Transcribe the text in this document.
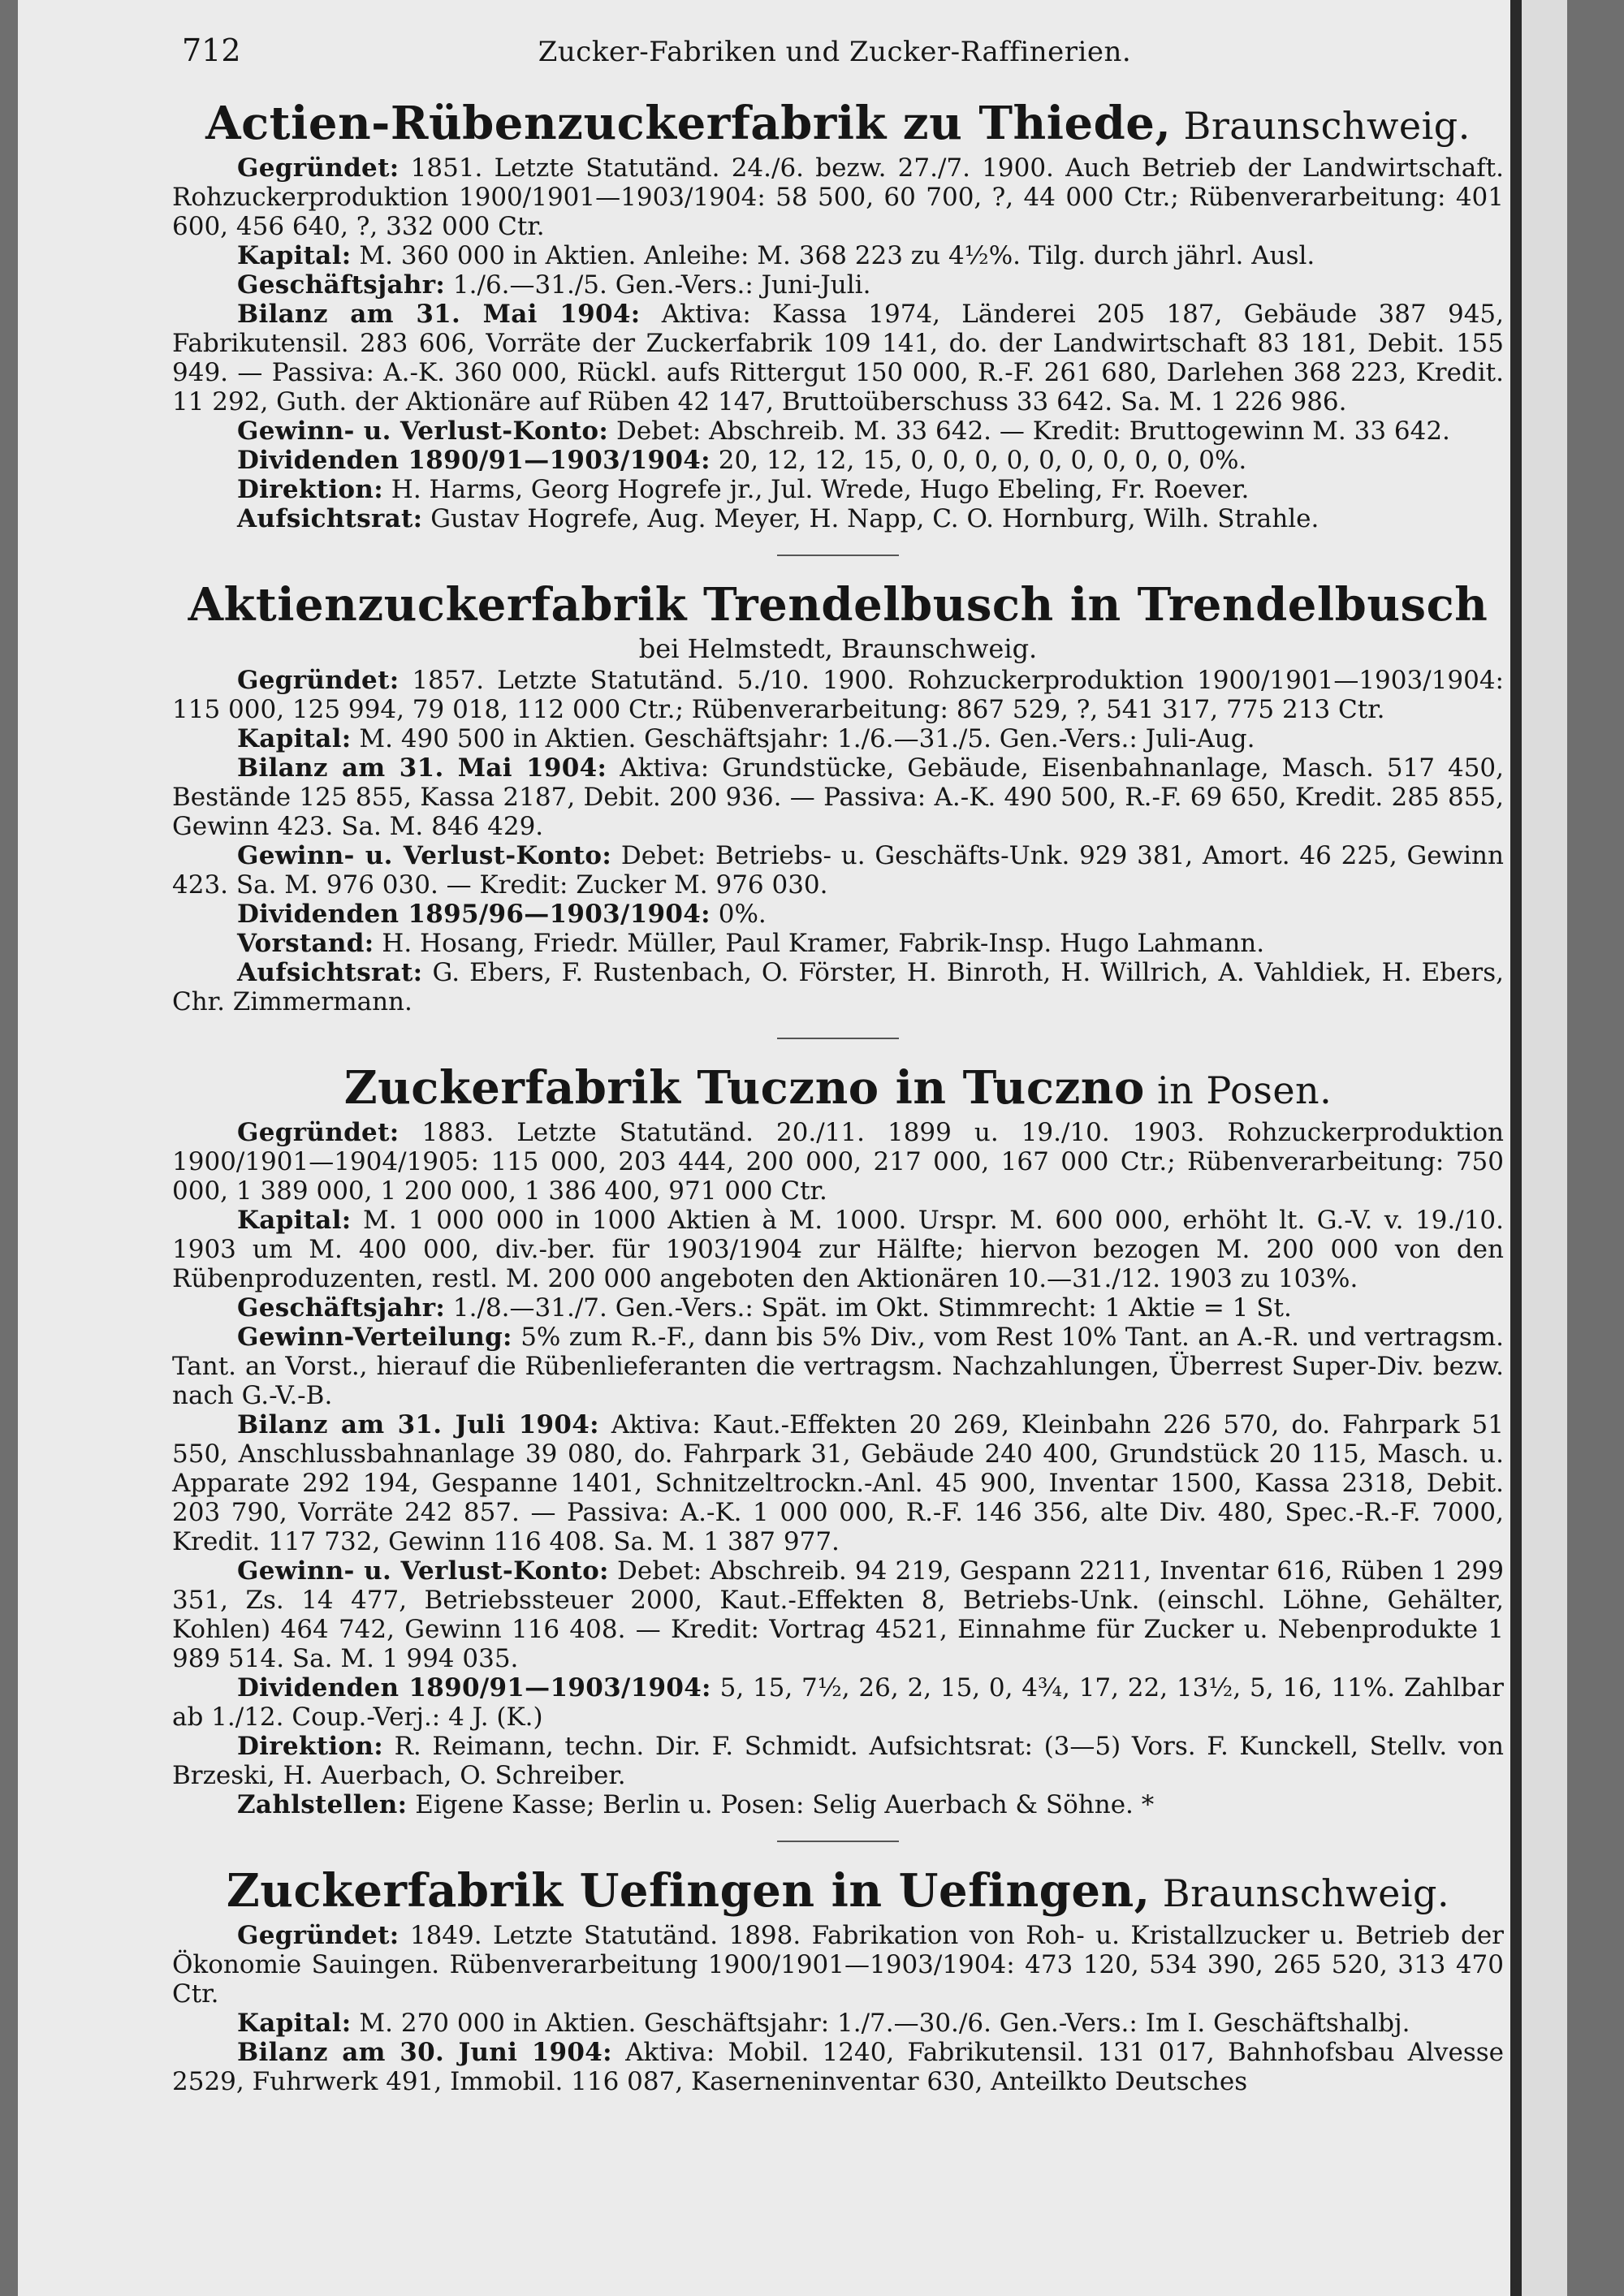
712	Zucker-Fabriken und Zucker-Raffinerien.
Actien-Rübenzuckerfabrik zu Thiede, Braunschweig.

Gegründet: 1851. Letzte Statutänd. 24./6. bezw. 27./7. 1900. Auch Betrieb der Landwirtschaft. Rohzuckerproduktion 1900/1901—1903/1904: 58 500, 60 700, ?, 44 000 Ctr.; Rübenverarbeitung: 401 600, 456 640, ?, 332 000 Ctr.

Kapital: M. 360 000 in Aktien. Anleihe: M. 368 223 zu 4½%. Tilg. durch jährl. Ausl.

Geschäftsjahr: 1./6.—31./5. Gen.-Vers.: Juni-Juli.

Bilanz am 31. Mai 1904: Aktiva: Kassa 1974, Länderei 205 187, Gebäude 387 945, Fabrikutensil. 283 606, Vorräte der Zuckerfabrik 109 141, do. der Landwirtschaft 83 181, Debit. 155 949. — Passiva: A.-K. 360 000, Rückl. aufs Rittergut 150 000, R.-F. 261 680, Darlehen 368 223, Kredit. 11 292, Guth. der Aktionäre auf Rüben 42 147, Bruttoüberschuss 33 642. Sa. M. 1 226 986.

Gewinn- u. Verlust-Konto: Debet: Abschreib. M. 33 642. — Kredit: Bruttogewinn M. 33 642.

Dividenden 1890/91—1903/1904: 20, 12, 12, 15, 0, 0, 0, 0, 0, 0, 0, 0, 0, 0%.

Direktion: H. Harms, Georg Hogrefe jr., Jul. Wrede, Hugo Ebeling, Fr. Roever.

Aufsichtsrat: Gustav Hogrefe, Aug. Meyer, H. Napp, C. O. Hornburg, Wilh. Strahle.

Aktienzuckerfabrik Trendelbusch in Trendelbusch
bei Helmstedt, Braunschweig.

Gegründet: 1857. Letzte Statutänd. 5./10. 1900. Rohzuckerproduktion 1900/1901—1903/1904: 115 000, 125 994, 79 018, 112 000 Ctr.; Rübenverarbeitung: 867 529, ?, 541 317, 775 213 Ctr.

Kapital: M. 490 500 in Aktien. Geschäftsjahr: 1./6.—31./5. Gen.-Vers.: Juli-Aug.

Bilanz am 31. Mai 1904: Aktiva: Grundstücke, Gebäude, Eisenbahnanlage, Masch. 517 450, Bestände 125 855, Kassa 2187, Debit. 200 936. — Passiva: A.-K. 490 500, R.-F. 69 650, Kredit. 285 855, Gewinn 423. Sa. M. 846 429.

Gewinn- u. Verlust-Konto: Debet: Betriebs- u. Geschäfts-Unk. 929 381, Amort. 46 225, Gewinn 423. Sa. M. 976 030. — Kredit: Zucker M. 976 030.

Dividenden 1895/96—1903/1904: 0%.

Vorstand: H. Hosang, Friedr. Müller, Paul Kramer, Fabrik-Insp. Hugo Lahmann.

Aufsichtsrat: G. Ebers, F. Rustenbach, O. Förster, H. Binroth, H. Willrich, A. Vahldiek, H. Ebers, Chr. Zimmermann.

Zuckerfabrik Tuczno in Tuczno in Posen.

Gegründet: 1883. Letzte Statutänd. 20./11. 1899 u. 19./10. 1903. Rohzuckerproduktion 1900/1901—1904/1905: 115 000, 203 444, 200 000, 217 000, 167 000 Ctr.; Rübenverarbeitung: 750 000, 1 389 000, 1 200 000, 1 386 400, 971 000 Ctr.

Kapital: M. 1 000 000 in 1000 Aktien à M. 1000. Urspr. M. 600 000, erhöht lt. G.-V. v. 19./10. 1903 um M. 400 000, div.-ber. für 1903/1904 zur Hälfte; hiervon bezogen M. 200 000 von den Rübenproduzenten, restl. M. 200 000 angeboten den Aktionären 10.—31./12. 1903 zu 103%.

Geschäftsjahr: 1./8.—31./7. Gen.-Vers.: Spät. im Okt. Stimmrecht: 1 Aktie = 1 St.

Gewinn-Verteilung: 5% zum R.-F., dann bis 5% Div., vom Rest 10% Tant. an A.-R. und vertragsm. Tant. an Vorst., hierauf die Rübenlieferanten die vertragsm. Nachzahlungen, Überrest Super-Div. bezw. nach G.-V.-B.

Bilanz am 31. Juli 1904: Aktiva: Kaut.-Effekten 20 269, Kleinbahn 226 570, do. Fahrpark 51 550, Anschlussbahnanlage 39 080, do. Fahrpark 31, Gebäude 240 400, Grundstück 20 115, Masch. u. Apparate 292 194, Gespanne 1401, Schnitzeltrockn.-Anl. 45 900, Inventar 1500, Kassa 2318, Debit. 203 790, Vorräte 242 857. — Passiva: A.-K. 1 000 000, R.-F. 146 356, alte Div. 480, Spec.-R.-F. 7000, Kredit. 117 732, Gewinn 116 408. Sa. M. 1 387 977.

Gewinn- u. Verlust-Konto: Debet: Abschreib. 94 219, Gespann 2211, Inventar 616, Rüben 1 299 351, Zs. 14 477, Betriebssteuer 2000, Kaut.-Effekten 8, Betriebs-Unk. (einschl. Löhne, Gehälter, Kohlen) 464 742, Gewinn 116 408. — Kredit: Vortrag 4521, Einnahme für Zucker u. Nebenprodukte 1 989 514. Sa. M. 1 994 035.

Dividenden 1890/91—1903/1904: 5, 15, 7½, 26, 2, 15, 0, 4¾, 17, 22, 13½, 5, 16, 11%. Zahlbar ab 1./12. Coup.-Verj.: 4 J. (K.)

Direktion: R. Reimann, techn. Dir. F. Schmidt. Aufsichtsrat: (3—5) Vors. F. Kunckell, Stellv. von Brzeski, H. Auerbach, O. Schreiber.

Zahlstellen: Eigene Kasse; Berlin u. Posen: Selig Auerbach & Söhne. *

Zuckerfabrik Uefingen in Uefingen, Braunschweig.

Gegründet: 1849. Letzte Statutänd. 1898. Fabrikation von Roh- u. Kristallzucker u. Betrieb der Ökonomie Sauingen. Rübenverarbeitung 1900/1901—1903/1904: 473 120, 534 390, 265 520, 313 470 Ctr.

Kapital: M. 270 000 in Aktien. Geschäftsjahr: 1./7.—30./6. Gen.-Vers.: Im I. Geschäftshalbj.

Bilanz am 30. Juni 1904: Aktiva: Mobil. 1240, Fabrikutensil. 131 017, Bahnhofsbau Alvesse 2529, Fuhrwerk 491, Immobil. 116 087, Kaserneninventar 630, Anteilkto Deutsches
